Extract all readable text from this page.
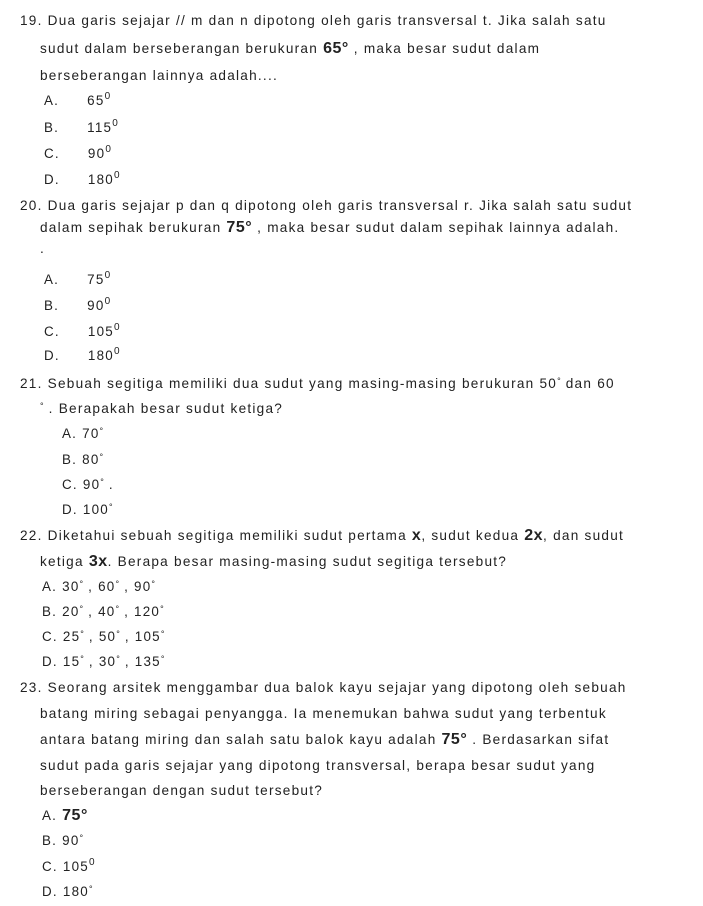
19. Dua garis sejajar // m dan n dipotong oleh garis transversal t. Jika salah satu
sudut dalam berseberangan berukuran 65° , maka besar sudut dalam
berseberangan lainnya adalah....
A. $65^0$
B. $115^0$
C. $90^0$
D. $180^0$
20. Dua garis sejajar p dan q dipotong oleh garis transversal r. Jika salah satu sudut
dalam sepihak berukuran 75° , maka besar sudut dalam sepihak lainnya adalah.
.
A. $75^0$
B. $90^0$
C. $105^0$
D. $180^0$
21. Sebuah segitiga memiliki dua sudut yang masing-masing berukuran 50° dan 60
° . Berapakah besar sudut ketiga?
A. 70°
B. 80°
C. 90° .
D. 100°
22. Diketahui sebuah segitiga memiliki sudut pertama x, sudut kedua 2x, dan sudut
ketiga 3x. Berapa besar masing-masing sudut segitiga tersebut?
A. 30° , 60° , 90°
B. 20° , 40° , 120°
C. 25° , 50° , 105°
D. 15° , 30° , 135°
23. Seorang arsitek menggambar dua balok kayu sejajar yang dipotong oleh sebuah
batang miring sebagai penyangga. Ia menemukan bahwa sudut yang terbentuk
antara batang miring dan salah satu balok kayu adalah 75° . Berdasarkan sifat
sudut pada garis sejajar yang dipotong transversal, berapa besar sudut yang
berseberangan dengan sudut tersebut?
A. 75°
B. 90°
C. $105^0$
D. 180°
